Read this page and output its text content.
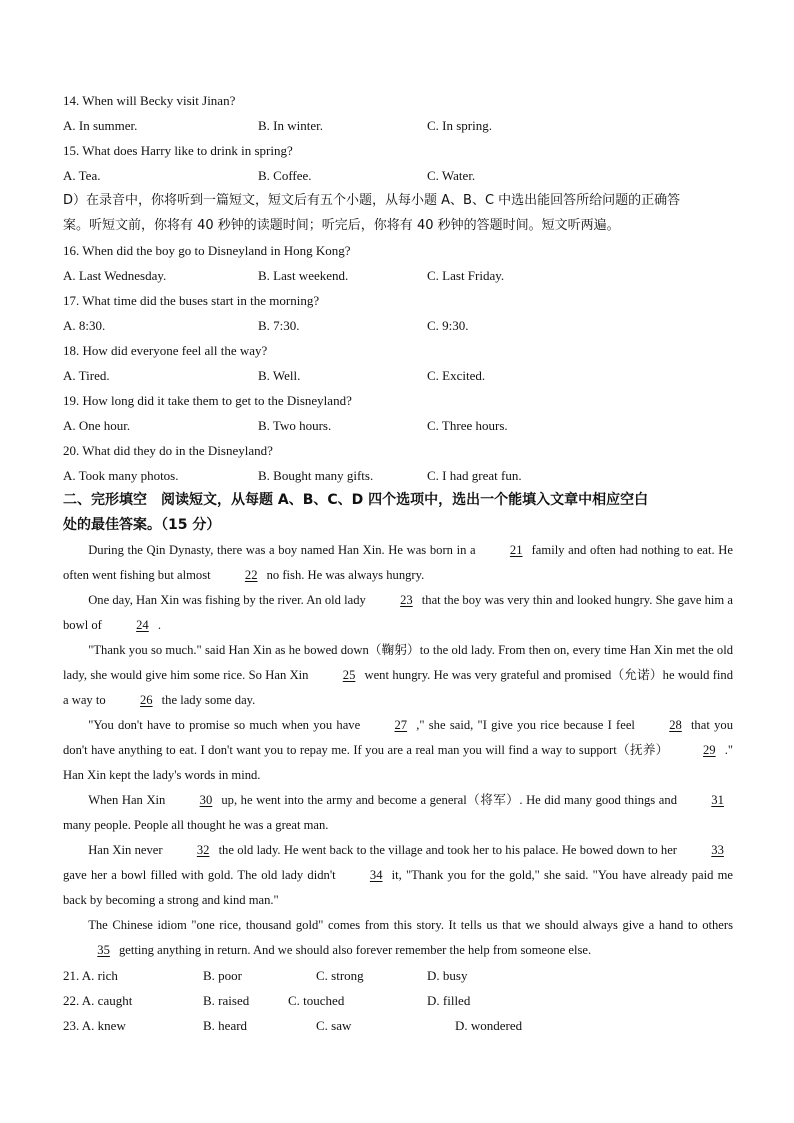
14. When will Becky visit Jinan?
A. In summer.	B. In winter.	C. In spring.
15. What does Harry like to drink in spring?
A. Tea.	B. Coffee.	C. Water.
D）在录音中，你将听到一篇短文，短文后有五个小题，从每小题 A、B、C 中选出能回答所给问题的正确答
案。听短文前，你将有 40 秒钟的读题时间；听完后，你将有 40 秒钟的答题时间。短文听两遍。
16. When did the boy go to Disneyland in Hong Kong?
A. Last Wednesday.	B. Last weekend.	C. Last Friday.
17. What time did the buses start in the morning?
A. 8:30.	B. 7:30.	C. 9:30.
18. How did everyone feel all the way?
A. Tired.	B. Well.	C. Excited.
19. How long did it take them to get to the Disneyland?
A. One hour.	B. Two hours.	C. Three hours.
20. What did they do in the Disneyland?
A. Took many photos.	B. Bought many gifts.	C. I had great fun.
二、完形填空　阅读短文，从每题 A、B、C、D 四个选项中，选出一个能填入文章中相应空白
处的最佳答案。（15 分）
During the Qin Dynasty, there was a boy named Han Xin. He was born in a	21 family and often had nothing to eat. He often went fishing but almost	22 no fish. He was always hungry.
One day, Han Xin was fishing by the river. An old lady	23 that the boy was very thin and looked hungry. She gave him a bowl of	24 .
"Thank you so much." said Han Xin as he bowed down（鞠躬）to the old lady. From then on, every time Han Xin met the old lady, she would give him some rice. So Han Xin	25 went hungry. He was very grateful and promised（允诺）he would find a way to	26 the lady some day.
"You don't have to promise so much when you have	27 ," she said, "I give you rice because I feel	28 that you don't have anything to eat. I don't want you to repay me. If you are a real man you will find a way to support（抚养）	29 ." Han Xin kept the lady's words in mind.
When Han Xin	30 up, he went into the army and become a general（将军）. He did many good things and	31many people. People all thought he was a great man.
Han Xin never	32 the old lady. He went back to the village and took her to his palace. He bowed down to her	33gave her a bowl filled with gold. The old lady didn't	34 it, "Thank you for the gold," she said. "You have already paid me back by becoming a strong and kind man."
The Chinese idiom "one rice, thousand gold" comes from this story. It tells us that we should always give a hand to others35 getting anything in return. And we should also forever remember the help from someone else.
21. A. rich	B. poor	C. strong	D. busy
22. A. caught	B. raised	C. touched	D. filled
23. A. knew	B. heard	C. saw	D. wondered
